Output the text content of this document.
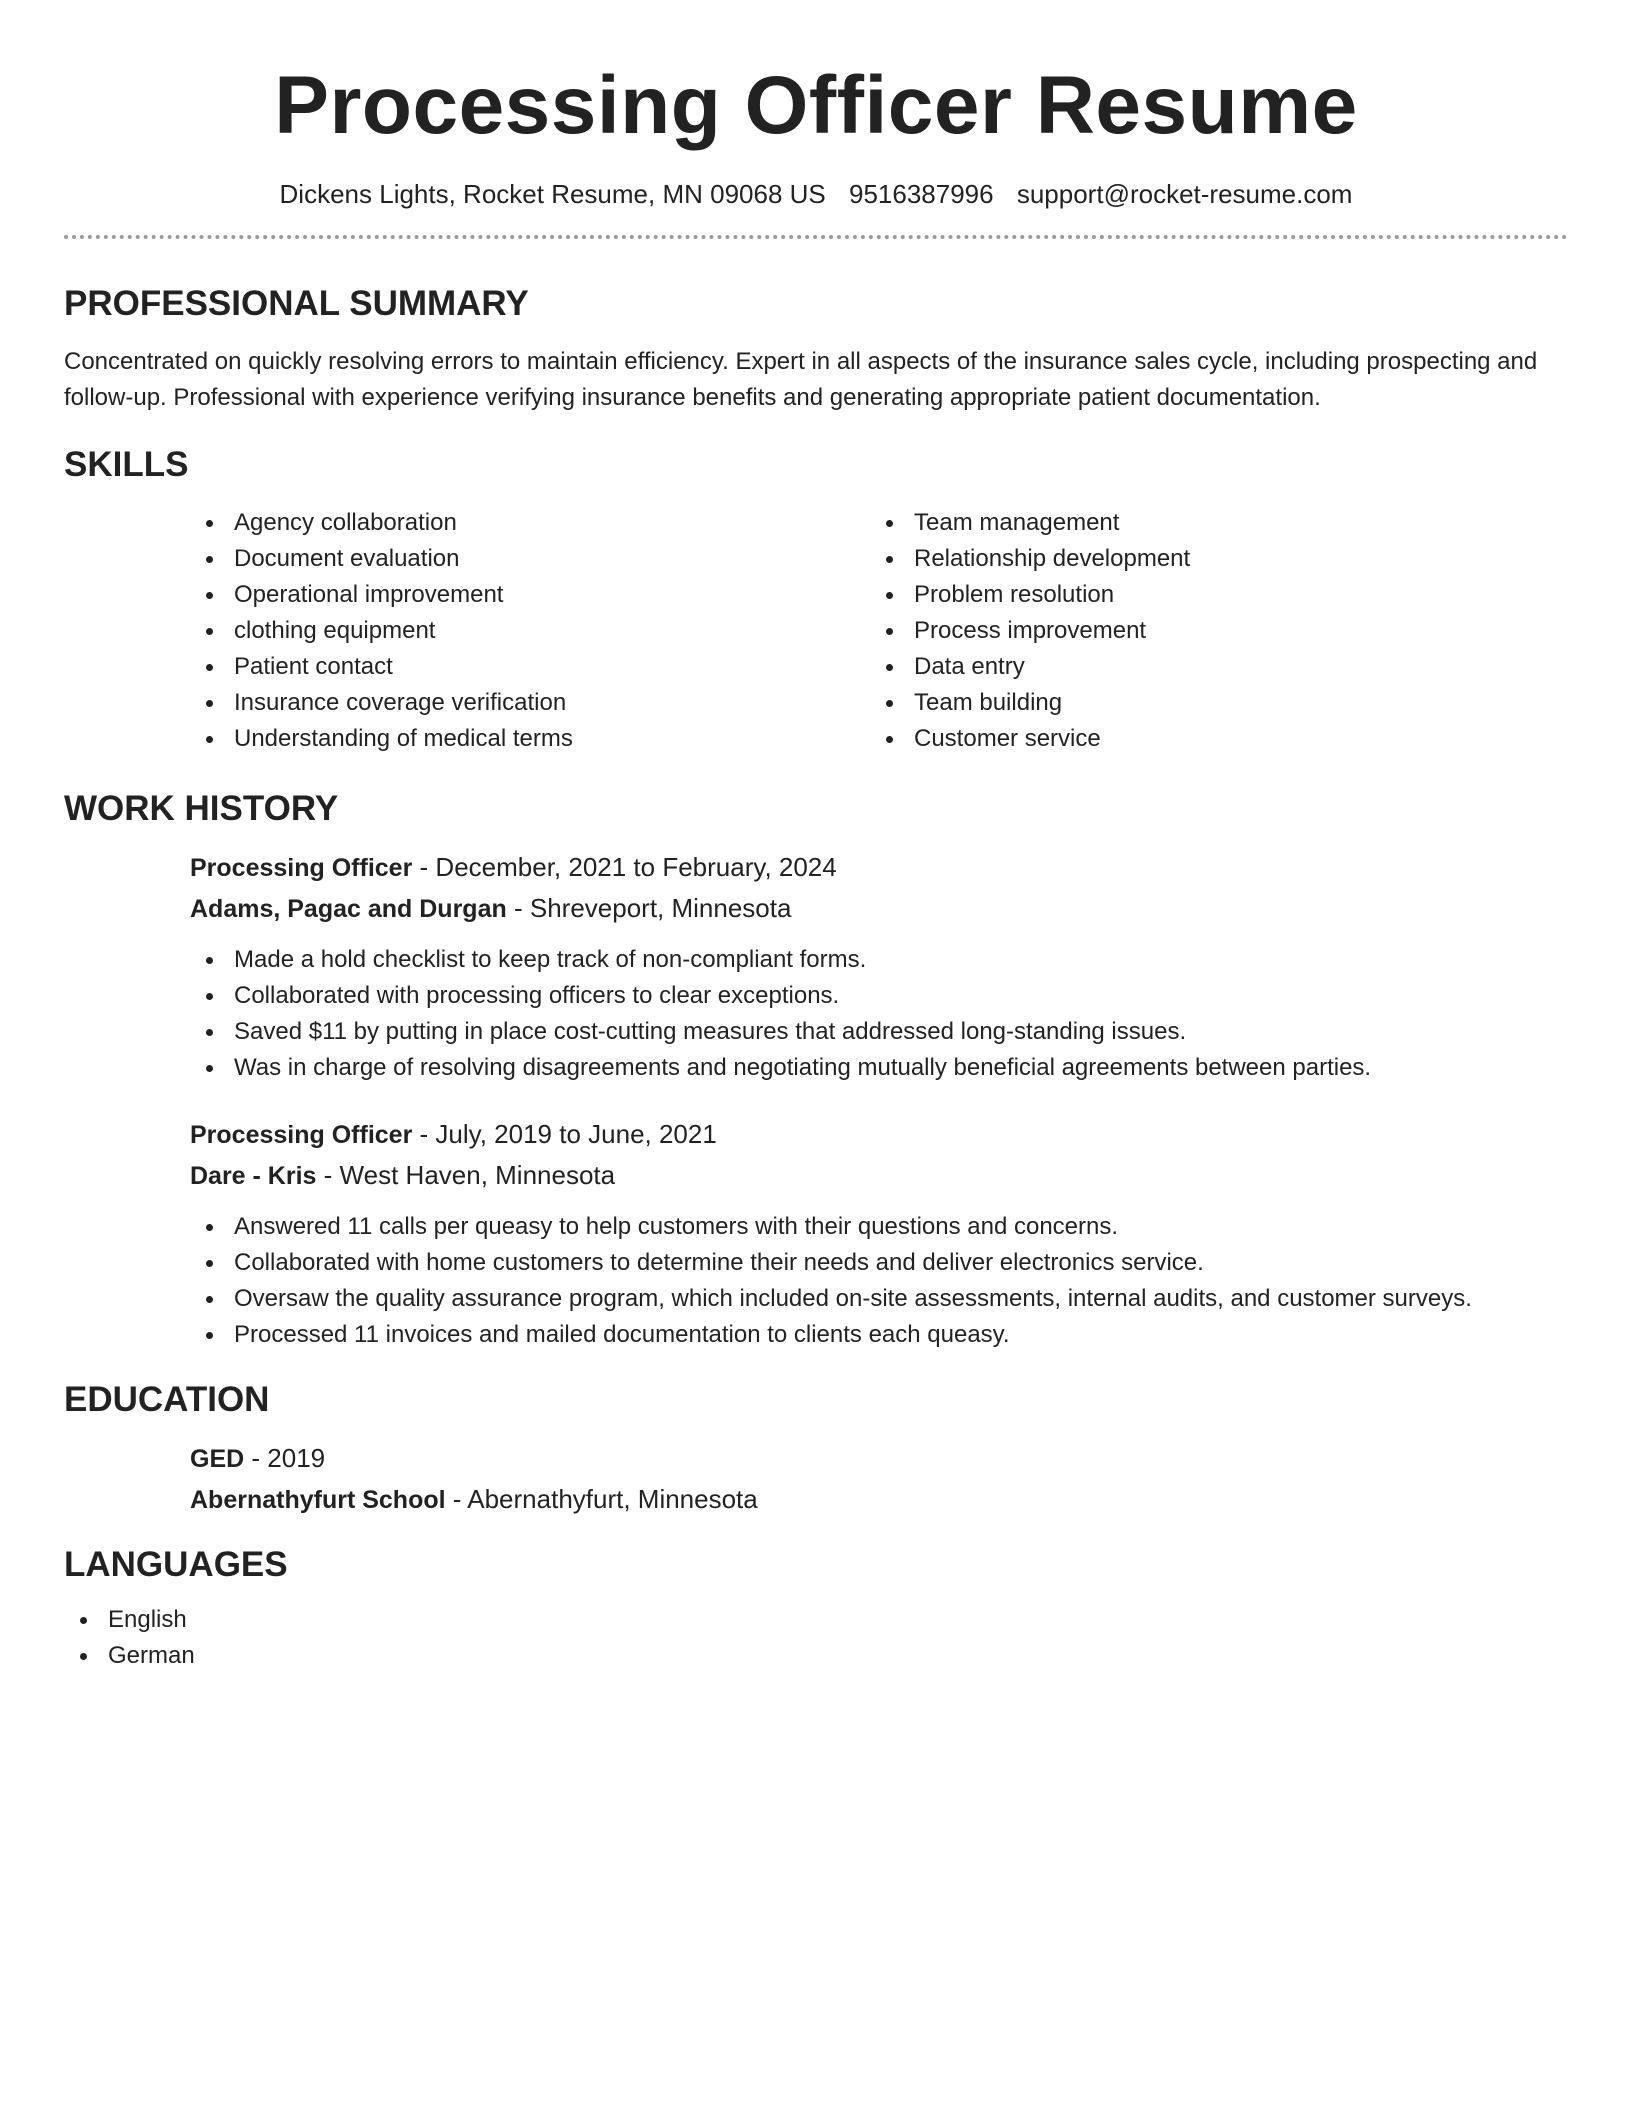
Processing Officer Resume
Dickens Lights, Rocket Resume, MN 09068 US 9516387996 support@rocket-resume.com
PROFESSIONAL SUMMARY

Concentrated on quickly resolving errors to maintain efficiency. Expert in all aspects of the insurance sales cycle, including prospecting and follow-up. Professional with experience verifying insurance benefits and generating appropriate patient documentation.

SKILLS
Agency collaboration
Document evaluation
Operational improvement
clothing equipment
Patient contact
Insurance coverage verification
Understanding of medical terms
Team management
Relationship development
Problem resolution
Process improvement
Data entry
Team building
Customer service
WORK HISTORY
Processing Officer - December, 2021 to February, 2024
Adams, Pagac and Durgan - Shreveport, Minnesota
Made a hold checklist to keep track of non-compliant forms.
Collaborated with processing officers to clear exceptions.
Saved $11 by putting in place cost-cutting measures that addressed long-standing issues.
Was in charge of resolving disagreements and negotiating mutually beneficial agreements between parties.
Processing Officer - July, 2019 to June, 2021
Dare - Kris - West Haven, Minnesota
Answered 11 calls per queasy to help customers with their questions and concerns.
Collaborated with home customers to determine their needs and deliver electronics service.
Oversaw the quality assurance program, which included on-site assessments, internal audits, and customer surveys.
Processed 11 invoices and mailed documentation to clients each queasy.
EDUCATION
GED - 2019
Abernathyfurt School - Abernathyfurt, Minnesota
LANGUAGES
English
German
